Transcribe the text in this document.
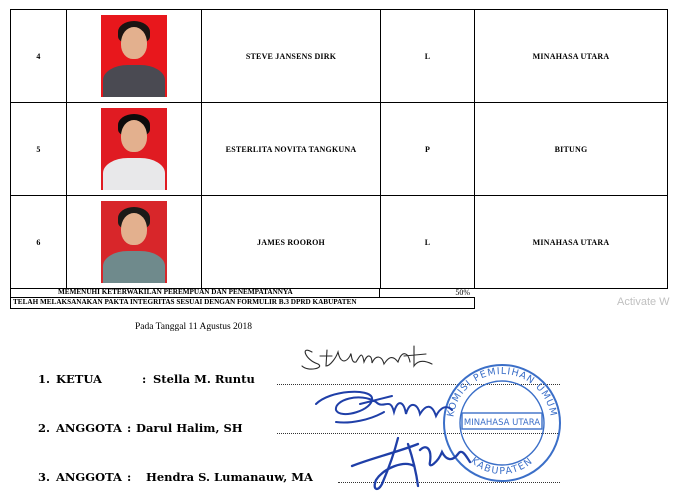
4		STEVE JANSENS DIRK	L	MINAHASA UTARA
5		ESTERLITA NOVITA TANGKUNA	P	BITUNG
6		JAMES ROOROH	L	MINAHASA UTARA
MEMENUHI KETERWAKILAN PEREMPUAN DAN PENEMPATANNYA	50%
TELAH MELAKSANAKAN PAKTA INTEGRITAS SESUAI DENGAN FORMULIR B.3 DPRD KABUPATEN	Activate W
Pada Tanggal 11 Agustus 2018
1. KETUA	: Stella M. Runtu
2. ANGGOTA : Darul Halim, SH
3. ANGGOTA : Hendra S. Lumanauw, MA
KOMISI PEMILIHAN UMUM
MINAHASA UTARA
KABUPATEN
